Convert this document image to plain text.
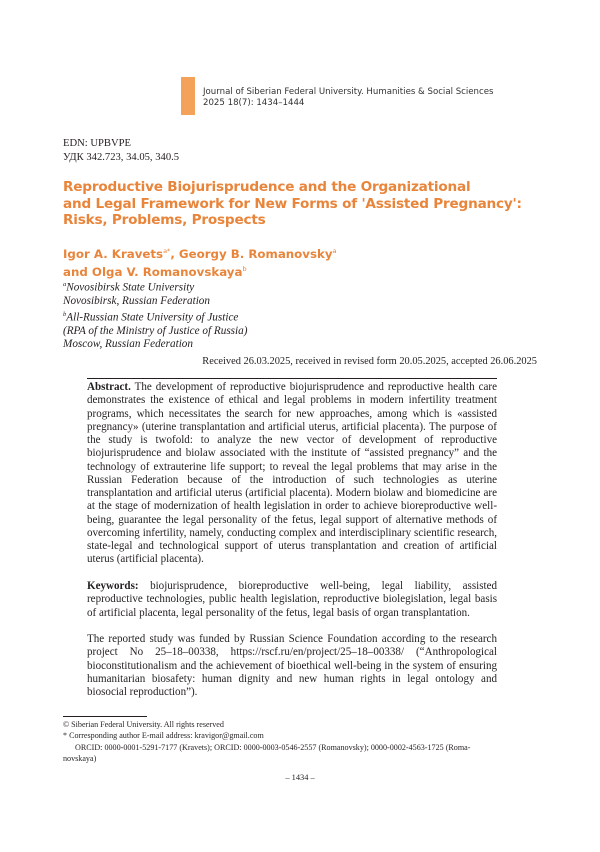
Journal of Siberian Federal University. Humanities & Social Sciences
2025 18(7): 1434–1444
EDN: UPBVPE
УДК 342.723, 34.05, 340.5
Reproductive Biojurisprudence and the Organizational
and Legal Framework for New Forms of 'Assisted Pregnancy':
Risks, Problems, Prospects
Igor A. Kravets$^{a*}$, Georgy B. Romanovsky$^a$
and Olga V. Romanovskaya$^b$
$^a$Novosibirsk State University
Novosibirsk, Russian Federation
$^b$All-Russian State University of Justice
(RPA of the Ministry of Justice of Russia)
Moscow, Russian Federation
Received 26.03.2025, received in revised form 20.05.2025, accepted 26.06.2025
Abstract. The development of reproductive biojurisprudence and reproductive health care demonstrates the existence of ethical and legal problems in modern infertility treatment programs, which necessitates the search for new approaches, among which is «assisted pregnancy» (uterine transplantation and artificial uterus, artificial placenta). The purpose of the study is twofold: to analyze the new vector of development of reproductive biojurisprudence and biolaw associated with the institute of “assisted pregnancy” and the technology of extrauterine life support; to reveal the legal problems that may arise in the Russian Federation because of the introduction of such technologies as uterine transplantation and artificial uterus (artificial placenta). Modern biolaw and biomedicine are at the stage of modernization of health legislation in order to achieve bioreproductive well-being, guarantee the legal personality of the fetus, legal support of alternative methods of overcoming infertility, namely, conducting complex and interdisciplinary scientific research, state-legal and technological support of uterus transplantation and creation of artificial uterus (artificial placenta).
Keywords: biojurisprudence, bioreproductive well-being, legal liability, assisted reproductive technologies, public health legislation, reproductive biolegislation, legal basis of artificial placenta, legal personality of the fetus, legal basis of organ transplantation.
The reported study was funded by Russian Science Foundation according to the research project No 25–18–00338, https://rscf.ru/en/project/25–18–00338/ (“Anthropological bioconstitutionalism and the achievement of bioethical well-being in the system of ensuring humanitarian biosafety: human dignity and new human rights in legal ontology and biosocial reproduction”).
© Siberian Federal University. All rights reserved
* Corresponding author E-mail address: kravigor@gmail.com
ORCID: 0000-0001-5291-7177 (Kravets); ORCID: 0000-0003-0546-2557 (Romanovsky); 0000-0002-4563-1725 (Roma-
novskaya)
– 1434 –
